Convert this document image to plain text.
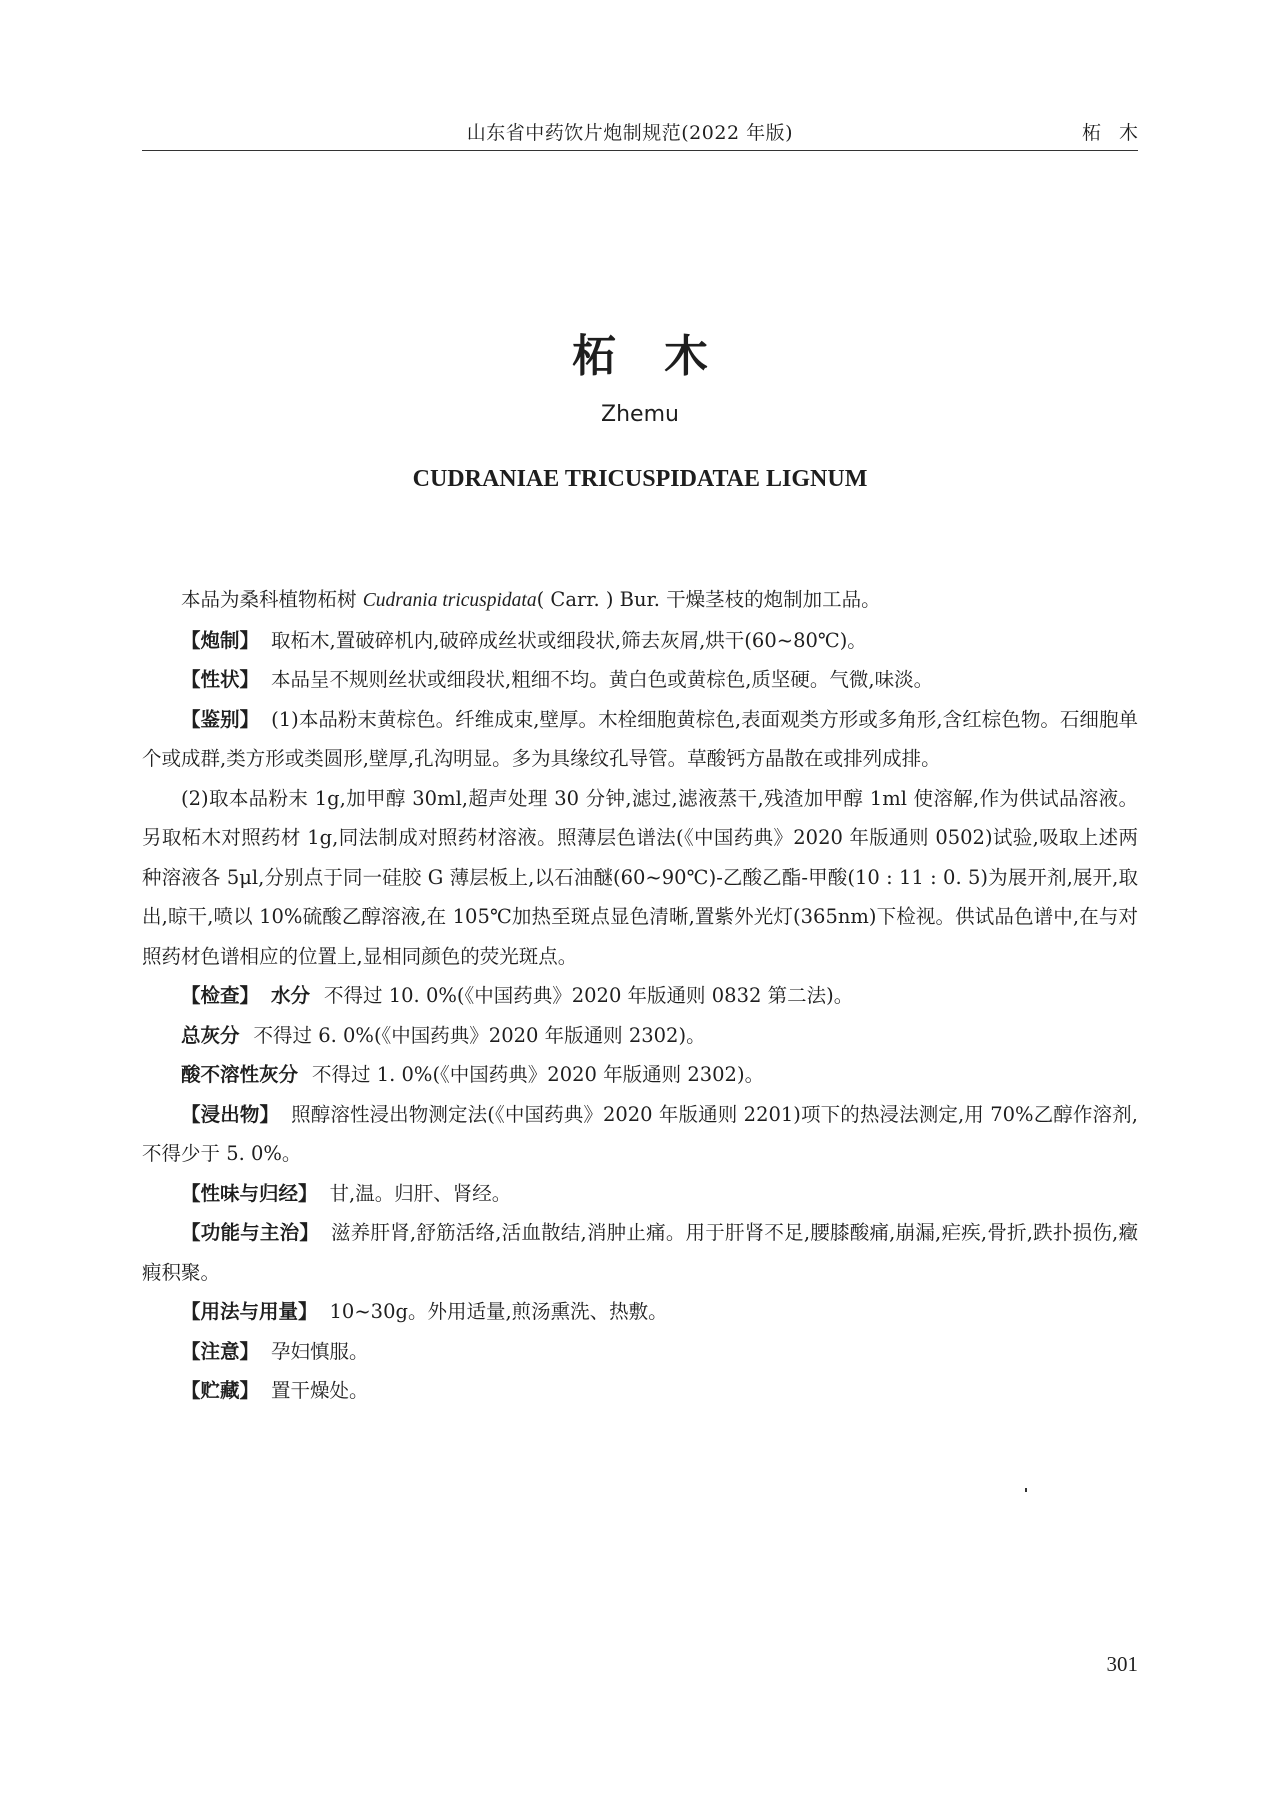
山东省中药饮片炮制规范(2022 年版)	柘木
柘木
Zhemu
CUDRANIAE TRICUSPIDATAE LIGNUM

本品为桑科植物柘树 Cudrania tricuspidata( Carr. ) Bur. 干燥茎枝的炮制加工品。

【炮制】 取柘木,置破碎机内,破碎成丝状或细段状,筛去灰屑,烘干(60~80℃)。

【性状】 本品呈不规则丝状或细段状,粗细不均。黄白色或黄棕色,质坚硬。气微,味淡。

【鉴别】 (1)本品粉末黄棕色。纤维成束,壁厚。木栓细胞黄棕色,表面观类方形或多角形,含红棕色物。石细胞单个或成群,类方形或类圆形,壁厚,孔沟明显。多为具缘纹孔导管。草酸钙方晶散在或排列成排。

(2)取本品粉末 1g,加甲醇 30ml,超声处理 30 分钟,滤过,滤液蒸干,残渣加甲醇 1ml 使溶解,作为供试品溶液。另取柘木对照药材 1g,同法制成对照药材溶液。照薄层色谱法(《中国药典》2020 年版通则 0502)试验,吸取上述两种溶液各 5μl,分别点于同一硅胶 G 薄层板上,以石油醚(60~90℃)-乙酸乙酯-甲酸(10 : 11 : 0. 5)为展开剂,展开,取出,晾干,喷以 10%硫酸乙醇溶液,在 105℃加热至斑点显色清晰,置紫外光灯(365nm)下检视。供试品色谱中,在与对照药材色谱相应的位置上,显相同颜色的荧光斑点。

【检查】 水分 不得过 10. 0%(《中国药典》2020 年版通则 0832 第二法)。

总灰分 不得过 6. 0%(《中国药典》2020 年版通则 2302)。

酸不溶性灰分 不得过 1. 0%(《中国药典》2020 年版通则 2302)。

【浸出物】 照醇溶性浸出物测定法(《中国药典》2020 年版通则 2201)项下的热浸法测定,用 70%乙醇作溶剂,不得少于 5. 0%。

【性味与归经】 甘,温。归肝、肾经。

【功能与主治】 滋养肝肾,舒筋活络,活血散结,消肿止痛。用于肝肾不足,腰膝酸痛,崩漏,疟疾,骨折,跌扑损伤,癥瘕积聚。

【用法与用量】 10~30g。外用适量,煎汤熏洗、热敷。

【注意】 孕妇慎服。

【贮藏】 置干燥处。

301
